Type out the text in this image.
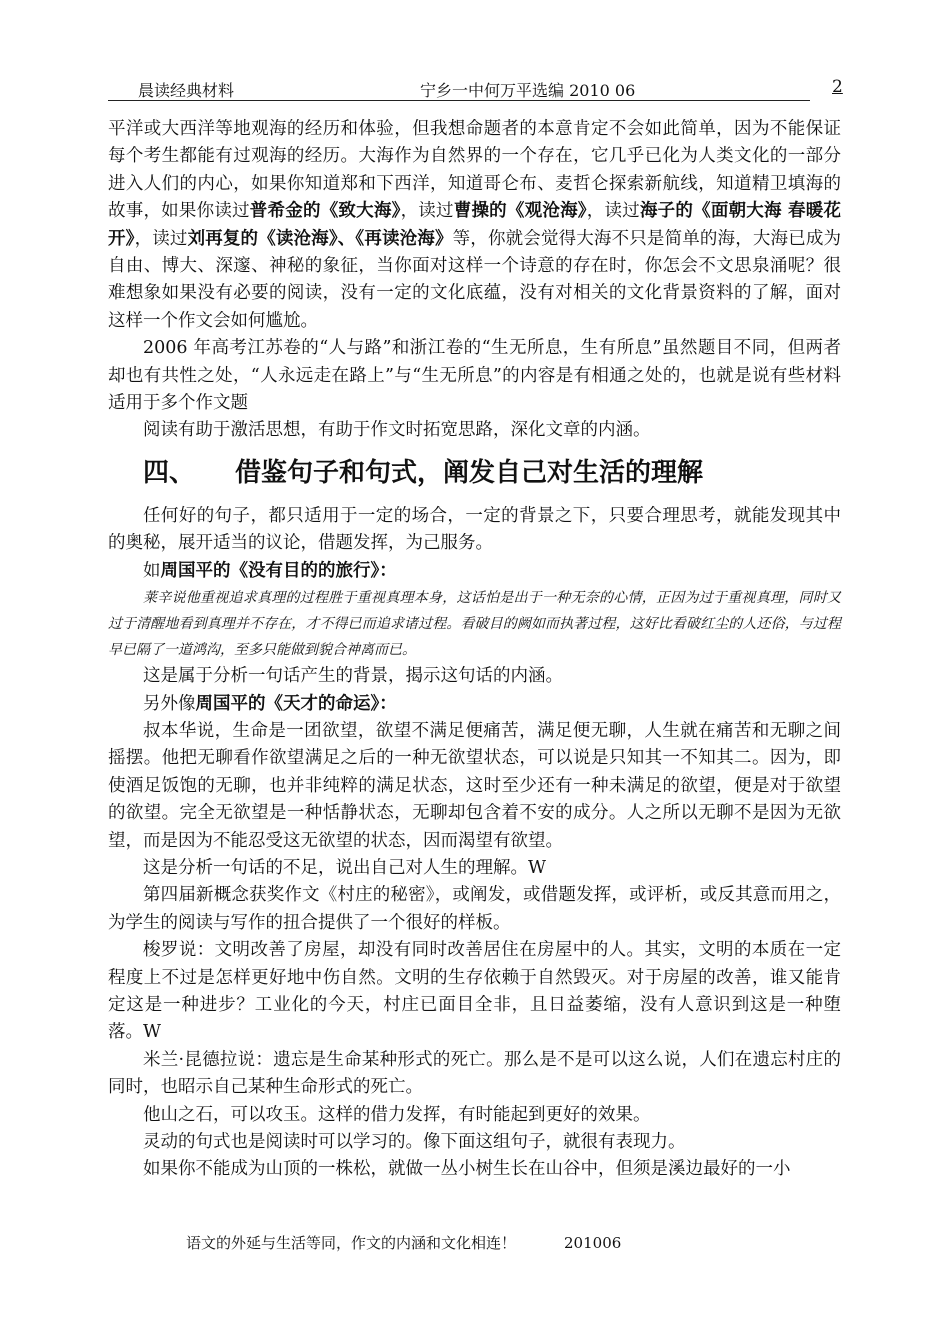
晨读经典材料	宁乡一中何万平选编 2010 06	2

平洋或大西洋等地观海的经历和体验，但我想命题者的本意肯定不会如此简单，因为不能保证每个考生都能有过观海的经历。大海作为自然界的一个存在，它几乎已化为人类文化的一部分进入人们的内心，如果你知道郑和下西洋，知道哥仑布、麦哲仑探索新航线，知道精卫填海的故事，如果你读过普希金的《致大海》，读过曹操的《观沧海》，读过海子的《面朝大海 春暖花开》，读过刘再复的《读沧海》、《再读沧海》等，你就会觉得大海不只是简单的海，大海已成为自由、博大、深邃、神秘的象征，当你面对这样一个诗意的存在时，你怎会不文思泉涌呢？很难想象如果没有必要的阅读，没有一定的文化底蕴，没有对相关的文化背景资料的了解，面对这样一个作文会如何尴尬。

2006 年高考江苏卷的“人与路”和浙江卷的“生无所息，生有所息”虽然题目不同，但两者却也有共性之处，“人永远走在路上”与“生无所息”的内容是有相通之处的，也就是说有些材料适用于多个作文题

阅读有助于激活思想，有助于作文时拓宽思路，深化文章的内涵。

四、 借鉴句子和句式，阐发自己对生活的理解

任何好的句子，都只适用于一定的场合，一定的背景之下，只要合理思考，就能发现其中的奥秘，展开适当的议论，借题发挥，为己服务。

如周国平的《没有目的的旅行》：

莱辛说他重视追求真理的过程胜于重视真理本身，这话怕是出于一种无奈的心情，正因为过于重视真理，同时又过于清醒地看到真理并不存在，才不得已而追求诸过程。看破目的阙如而执著过程，这好比看破红尘的人还俗，与过程早已隔了一道鸿沟，至多只能做到貌合神离而已。

这是属于分析一句话产生的背景，揭示这句话的内涵。

另外像周国平的《天才的命运》：

叔本华说，生命是一团欲望，欲望不满足便痛苦，满足便无聊，人生就在痛苦和无聊之间摇摆。他把无聊看作欲望满足之后的一种无欲望状态，可以说是只知其一不知其二。因为，即使酒足饭饱的无聊，也并非纯粹的满足状态，这时至少还有一种未满足的欲望，便是对于欲望的欲望。完全无欲望是一种恬静状态，无聊却包含着不安的成分。人之所以无聊不是因为无欲望，而是因为不能忍受这无欲望的状态，因而渴望有欲望。

这是分析一句话的不足，说出自己对人生的理解。W

第四届新概念获奖作文《村庄的秘密》，或阐发，或借题发挥，或评析，或反其意而用之，为学生的阅读与写作的扭合提供了一个很好的样板。

梭罗说：文明改善了房屋，却没有同时改善居住在房屋中的人。其实，文明的本质在一定程度上不过是怎样更好地中伤自然。文明的生存依赖于自然毁灭。对于房屋的改善，谁又能肯定这是一种进步？工业化的今天，村庄已面目全非，且日益萎缩，没有人意识到这是一种堕落。W

米兰·昆德拉说：遗忘是生命某种形式的死亡。那么是不是可以这么说，人们在遗忘村庄的同时，也昭示自己某种生命形式的死亡。

他山之石，可以攻玉。这样的借力发挥，有时能起到更好的效果。

灵动的句式也是阅读时可以学习的。像下面这组句子，就很有表现力。

如果你不能成为山顶的一株松，就做一丛小树生长在山谷中，但须是溪边最好的一小

语文的外延与生活等同，作文的内涵和文化相连！	201006
